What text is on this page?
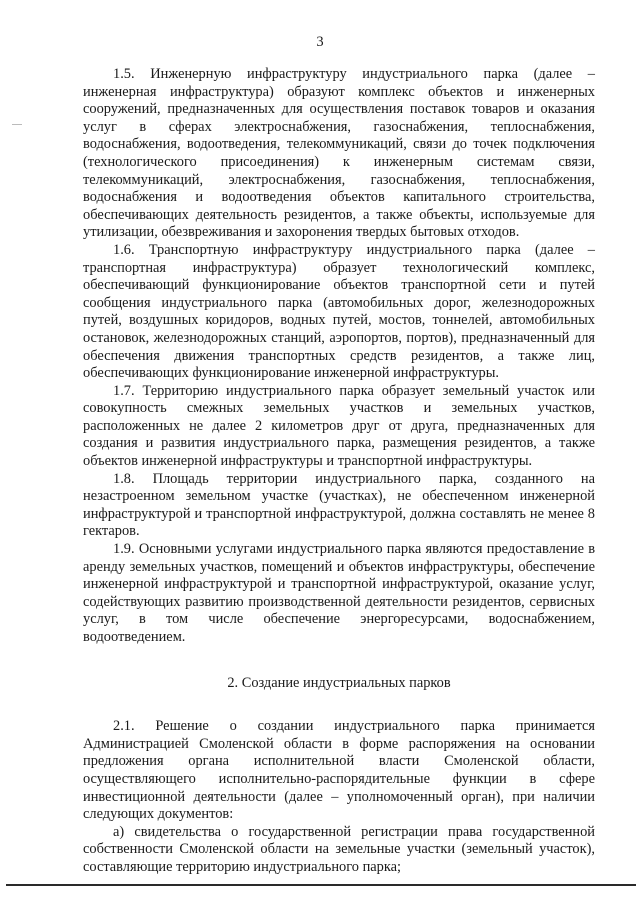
3

1.5. Инженерную инфраструктуру индустриального парка (далее – инженерная инфраструктура) образуют комплекс объектов и инженерных сооружений, предназначенных для осуществления поставок товаров и оказания услуг в сферах электроснабжения, газоснабжения, теплоснабжения, водоснабжения, водоотведения, телекоммуникаций, связи до точек подключения (технологического присоединения) к инженерным системам связи, телекоммуникаций, электроснабжения, газоснабжения, теплоснабжения, водоснабжения и водоотведения объектов капитального строительства, обеспечивающих деятельность резидентов, а также объекты, используемые для утилизации, обезвреживания и захоронения твердых бытовых отходов.

1.6. Транспортную инфраструктуру индустриального парка (далее – транспортная инфраструктура) образует технологический комплекс, обеспечивающий функционирование объектов транспортной сети и путей сообщения индустриального парка (автомобильных дорог, железнодорожных путей, воздушных коридоров, водных путей, мостов, тоннелей, автомобильных остановок, железнодорожных станций, аэропортов, портов), предназначенный для обеспечения движения транспортных средств резидентов, а также лиц, обеспечивающих функционирование инженерной инфраструктуры.

1.7. Территорию индустриального парка образует земельный участок или совокупность смежных земельных участков и земельных участков, расположенных не далее 2 километров друг от друга, предназначенных для создания и развития индустриального парка, размещения резидентов, а также объектов инженерной инфраструктуры и транспортной инфраструктуры.

1.8. Площадь территории индустриального парка, созданного на незастроенном земельном участке (участках), не обеспеченном инженерной инфраструктурой и транспортной инфраструктурой, должна составлять не менее 8 гектаров.

1.9. Основными услугами индустриального парка являются предоставление в аренду земельных участков, помещений и объектов инфраструктуры, обеспечение инженерной инфраструктурой и транспортной инфраструктурой, оказание услуг, содействующих развитию производственной деятельности резидентов, сервисных услуг, в том числе обеспечение энергоресурсами, водоснабжением, водоотведением.

2. Создание индустриальных парков

2.1. Решение о создании индустриального парка принимается Администрацией Смоленской области в форме распоряжения на основании предложения органа исполнительной власти Смоленской области, осуществляющего исполнительно-распорядительные функции в сфере инвестиционной деятельности (далее – уполномоченный орган), при наличии следующих документов:

а) свидетельства о государственной регистрации права государственной собственности Смоленской области на земельные участки (земельный участок), составляющие территорию индустриального парка;
